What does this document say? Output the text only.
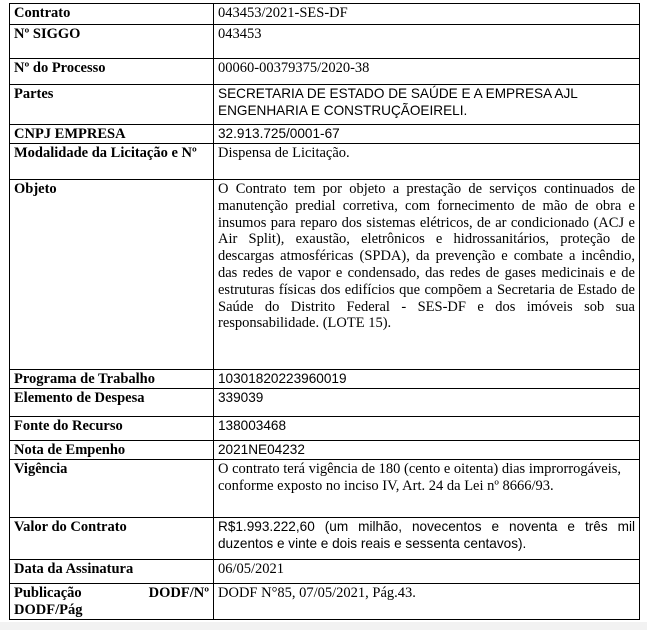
Contrato	043453/2021-SES-DF
Nº SIGGO	043453
Nº do Processo	00060-00379375/2020-38
Partes	SECRETARIA DE ESTADO DE SAÚDE E A EMPRESA AJL ENGENHARIA E CONSTRUÇÃOEIRELI.
CNPJ EMPRESA	32.913.725/0001-67
Modalidade da Licitação e Nº	Dispensa de Licitação.
Objeto	O Contrato tem por objeto a prestação de serviços continuados de manutenção predial corretiva, com fornecimento de mão de obra e insumos para reparo dos sistemas elétricos, de ar condicionado (ACJ e Air Split), exaustão, eletrônicos e hidrossanitários, proteção de descargas atmosféricas (SPDA), da prevenção e combate a incêndio, das redes de vapor e condensado, das redes de gases medicinais e de estruturas físicas dos edifícios que compõem a Secretaria de Estado de Saúde do Distrito Federal - SES-DF e dos imóveis sob sua responsabilidade. (LOTE 15).
Programa de Trabalho	10301820223960019
Elemento de Despesa	339039
Fonte do Recurso	138003468
Nota de Empenho	2021NE04232
Vigência	O contrato terá vigência de 180 (cento e oitenta) dias improrrogáveis, conforme exposto no inciso IV, Art. 24 da Lei nº 8666/93.
Valor do Contrato	R$1.993.222,60 (um milhão, novecentos e noventa e três mil duzentos e vinte e dois reais e sessenta centavos).
Data da Assinatura	06/05/2021

Publicação DODF/Nº
DODF/Pág	DODF N°85, 07/05/2021, Pág.43.
